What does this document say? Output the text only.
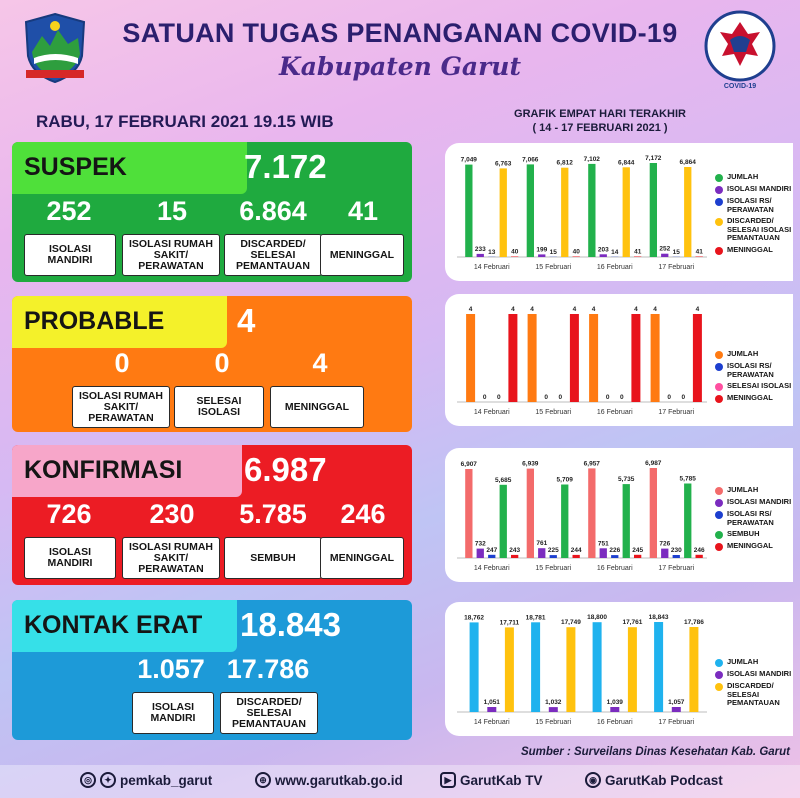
SATUAN TUGAS PENANGANAN COVID-19
Kabupaten Garut
COVID-19
RABU, 17 FEBRUARI 2021 19.15 WIB	GRAFIK EMPAT HARI TERAKHIR
( 14 - 17 FEBRUARI 2021 )
SUSPEK	7.172
252	15	6.864	41
ISOLASI MANDIRI
ISOLASI RUMAH SAKIT/ PERAWATAN
DISCARDED/ SELESAI PEMANTAUAN
MENINGGAL
PROBABLE 4
0	0	4
ISOLASI RUMAH SAKIT/ PERAWATAN
SELESAI ISOLASI	MENINGGAL
KONFIRMASI 6.987
726	230	5.785	246
ISOLASI MANDIRI
ISOLASI RUMAH SAKIT/ PERAWATAN
SEMBUH	MENINGGAL
KONTAK ERAT 18.843
1.057 17.786
ISOLASI MANDIRI
DISCARDED/ SELESAI PEMANTAUAN
7,049
233 13
6,763
40
14 Februari
7,066
199 15
6,812
40
15 Februari
7,102
203 14
6,844
41
16 Februari
7,172
252 15
6,864
41
17 Februari
JUMLAH
ISOLASI MANDIRI
ISOLASI RS/ PERAWATAN
DISCARDED/ SELESAI ISOLASI PEMANTAUAN
MENINGGAL
4
0 0
4
14 Februari
4
0 0
4
15 Februari
4
0 0
4
16 Februari
4
0 0
4
17 Februari
JUMLAH
ISOLASI RS/ PERAWATAN
SELESAI ISOLASI
MENINGGAL
6,907
732
247
5,685
243
14 Februari
6,939
761
225
5,709
244
15 Februari
6,957
751
226
5,735
245
16 Februari
6,987
726
230
5,785
246
17 Februari
JUMLAH
ISOLASI MANDIRI
ISOLASI RS/ PERAWATAN
SEMBUH
MENINGGAL
18,762
1,051
17,711
14 Februari
18,781
1,032
17,749
15 Februari
18,800
1,039
17,761
16 Februari
18,843
1,057
17,786
17 Februari
JUMLAH
ISOLASI MANDIRI
DISCARDED/ SELESAI PEMANTAUAN
Sumber : Surveilans Dinas Kesehatan Kab. Garut
◎	✦ pemkab_garut	⊕ www.garutkab.go.id	▶ GarutKab TV	◉ GarutKab Podcast
